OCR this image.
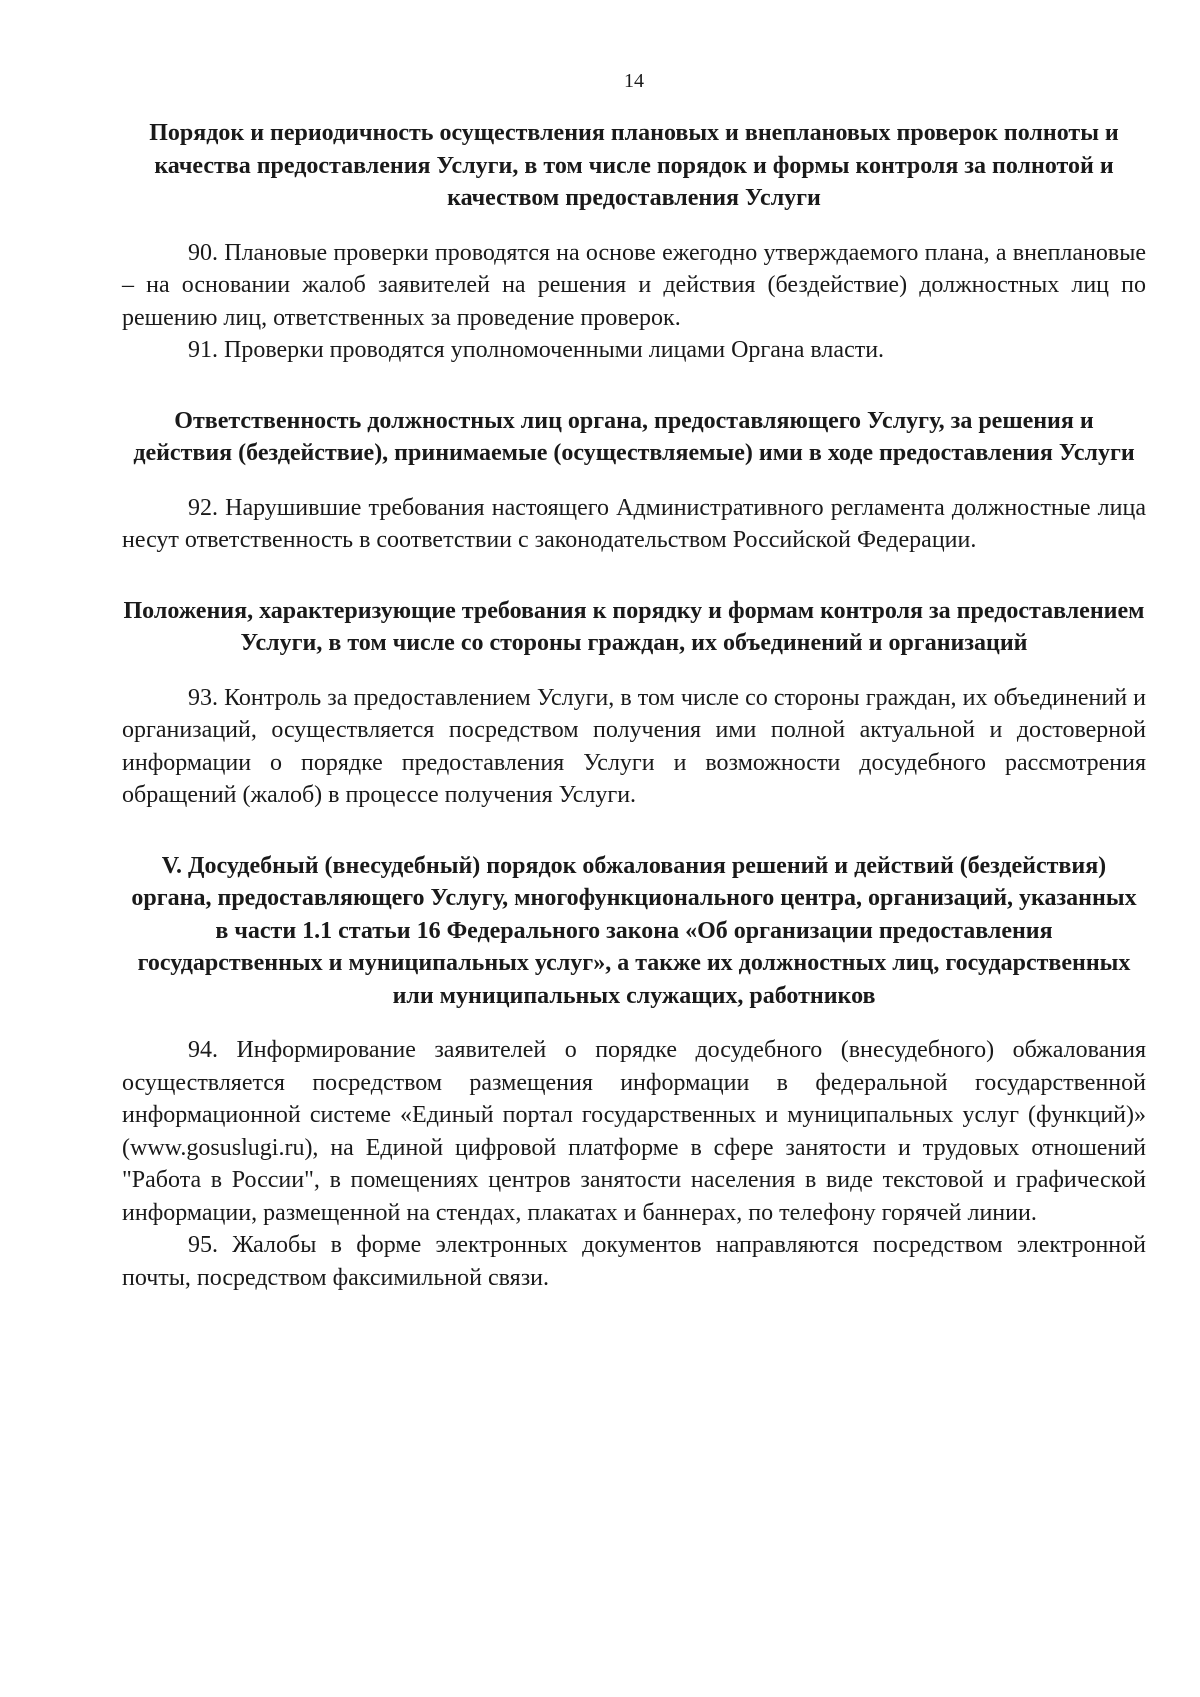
14
Порядок и периодичность осуществления плановых и внеплановых проверок полноты и качества предоставления Услуги, в том числе порядок и формы контроля за полнотой и качеством предоставления Услуги

90. Плановые проверки проводятся на основе ежегодно утверждаемого плана, а внеплановые – на основании жалоб заявителей на решения и действия (бездействие) должностных лиц по решению лиц, ответственных за проведение проверок.

91. Проверки проводятся уполномоченными лицами Органа власти.

Ответственность должностных лиц органа, предоставляющего Услугу, за решения и действия (бездействие), принимаемые (осуществляемые) ими в ходе предоставления Услуги

92. Нарушившие требования настоящего Административного регламента должностные лица несут ответственность в соответствии с законодательством Российской Федерации.

Положения, характеризующие требования к порядку и формам контроля за предоставлением Услуги, в том числе со стороны граждан, их объединений и организаций

93. Контроль за предоставлением Услуги, в том числе со стороны граждан, их объединений и организаций, осуществляется посредством получения ими полной актуальной и достоверной информации о порядке предоставления Услуги и возможности досудебного рассмотрения обращений (жалоб) в процессе получения Услуги.

V. Досудебный (внесудебный) порядок обжалования решений и действий (бездействия) органа, предоставляющего Услугу, многофункционального центра, организаций, указанных в части 1.1 статьи 16 Федерального закона «Об организации предоставления государственных и муниципальных услуг», а также их должностных лиц, государственных или муниципальных служащих, работников

94. Информирование заявителей о порядке досудебного (внесудебного) обжалования осуществляется посредством размещения информации в федеральной государственной информационной системе «Единый портал государственных и муниципальных услуг (функций)» (www.gosuslugi.ru), на Единой цифровой платформе в сфере занятости и трудовых отношений "Работа в России", в помещениях центров занятости населения в виде текстовой и графической информации, размещенной на стендах, плакатах и баннерах, по телефону горячей линии.

95. Жалобы в форме электронных документов направляются посредством электронной почты, посредством факсимильной связи.
